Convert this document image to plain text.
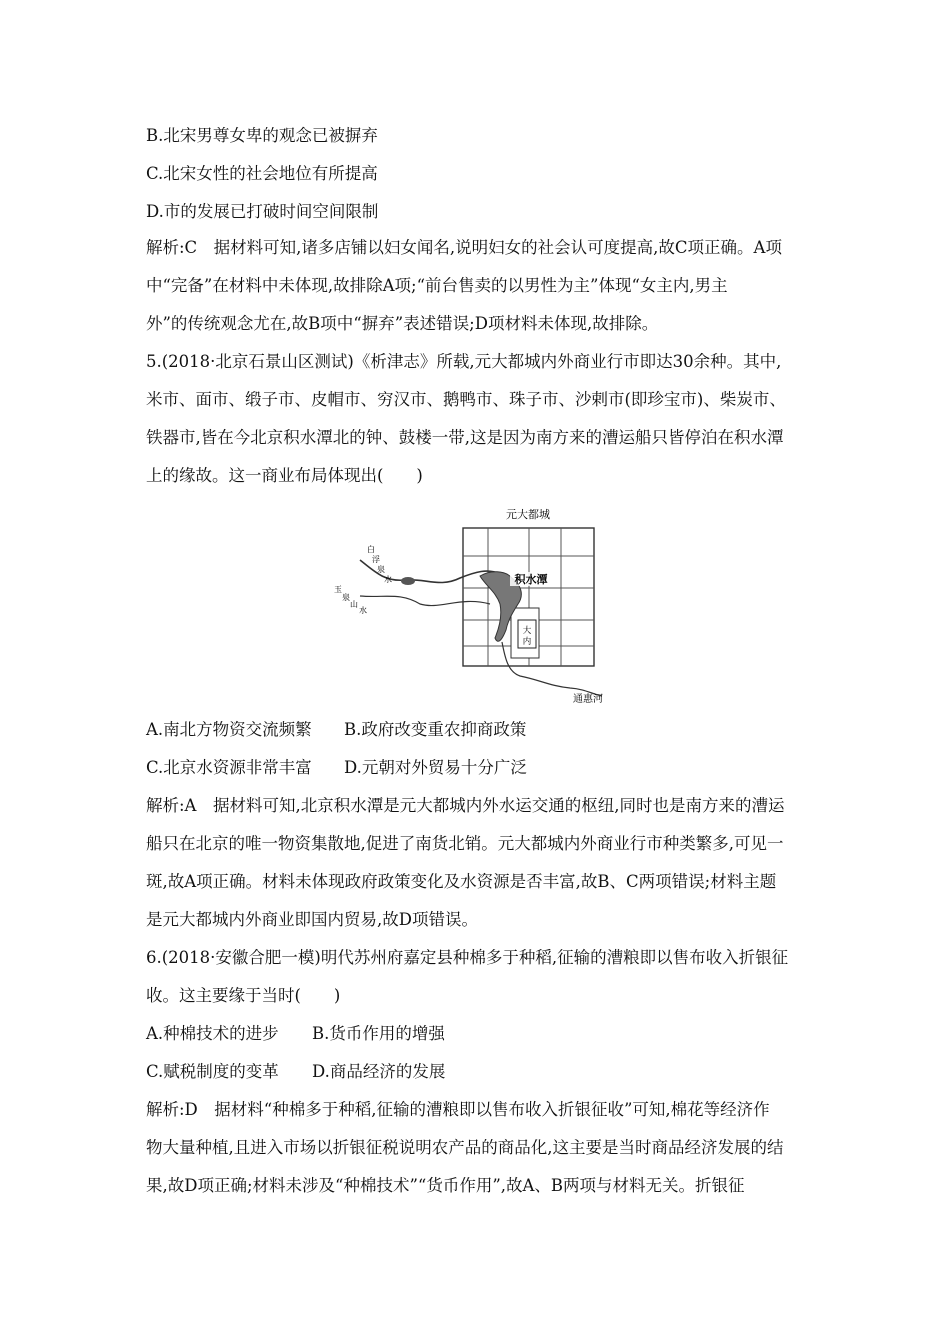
B.北宋男尊女卑的观念已被摒弃
C.北宋女性的社会地位有所提高
D.市的发展已打破时间空间限制
解析:C　据材料可知,诸多店铺以妇女闻名,说明妇女的社会认可度提高,故C项正确。A项
中“完备”在材料中未体现,故排除A项;“前台售卖的以男性为主”体现“女主内,男主
外”的传统观念尤在,故B项中“摒弃”表述错误;D项材料未体现,故排除。
5.(2018·北京石景山区测试)《析津志》所载,元大都城内外商业行市即达30余种。其中,
米市、面市、缎子市、皮帽市、穷汉市、鹅鸭市、珠子市、沙剌市(即珍宝市)、柴炭市、
铁器市,皆在今北京积水潭北的钟、鼓楼一带,这是因为南方来的漕运船只皆停泊在积水潭
上的缘故。这一商业布局体现出(　　)
元大都城
大
内
积水潭
通惠河
白
浮
泉
水
玉
泉
山
水
A.南北方物资交流频繁 B.政府改变重农抑商政策
C.北京水资源非常丰富 D.元朝对外贸易十分广泛
解析:A　据材料可知,北京积水潭是元大都城内外水运交通的枢纽,同时也是南方来的漕运
船只在北京的唯一物资集散地,促进了南货北销。元大都城内外商业行市种类繁多,可见一
斑,故A项正确。材料未体现政府政策变化及水资源是否丰富,故B、C两项错误;材料主题
是元大都城内外商业即国内贸易,故D项错误。
6.(2018·安徽合肥一模)明代苏州府嘉定县种棉多于种稻,征输的漕粮即以售布收入折银征
收。这主要缘于当时(　　)
A.种棉技术的进步 B.货币作用的增强
C.赋税制度的变革 D.商品经济的发展
解析:D　据材料“种棉多于种稻,征输的漕粮即以售布收入折银征收”可知,棉花等经济作
物大量种植,且进入市场以折银征税说明农产品的商品化,这主要是当时商品经济发展的结
果,故D项正确;材料未涉及“种棉技术”“货币作用”,故A、B两项与材料无关。折银征
